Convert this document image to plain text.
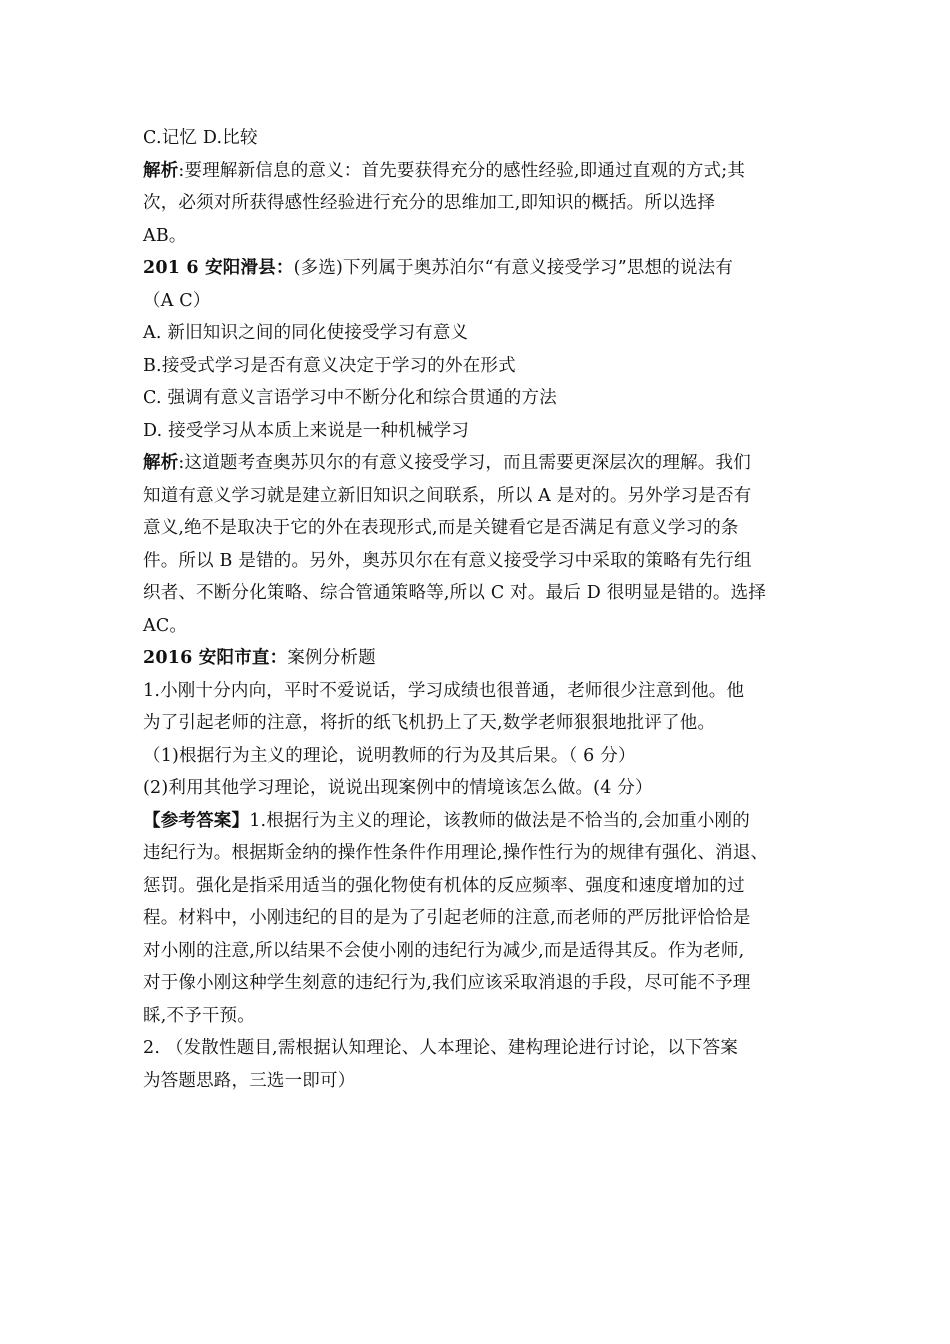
C.记忆 D.比较
解析:要理解新信息的意义：首先要获得充分的感性经验,即通过直观的方式;其
次，必须对所获得感性经验进行充分的思维加工,即知识的概括。所以选择
AB。
201 6 安阳滑县：(多选)下列属于奥苏泊尔“有意义接受学习”思想的说法有
（A C）
A. 新旧知识之间的同化使接受学习有意义
B.接受式学习是否有意义决定于学习的外在形式
C. 强调有意义言语学习中不断分化和综合贯通的方法
D. 接受学习从本质上来说是一种机械学习
解析:这道题考查奥苏贝尔的有意义接受学习，而且需要更深层次的理解。我们
知道有意义学习就是建立新旧知识之间联系，所以 A 是对的。另外学习是否有
意义,绝不是取决于它的外在表现形式,而是关键看它是否满足有意义学习的条
件。所以 B 是错的。另外，奥苏贝尔在有意义接受学习中采取的策略有先行组
织者、不断分化策略、综合管通策略等,所以 C 对。最后 D 很明显是错的。选择
AC。
2016 安阳市直：案例分析题
1.小刚十分内向，平时不爱说话，学习成绩也很普通，老师很少注意到他。他
为了引起老师的注意，将折的纸飞机扔上了天,数学老师狠狠地批评了他。
（1)根据行为主义的理论，说明教师的行为及其后果。（ 6 分）
(2)利用其他学习理论，说说出现案例中的情境该怎么做。(4 分）
【参考答案】1.根据行为主义的理论，该教师的做法是不恰当的,会加重小刚的
违纪行为。根据斯金纳的操作性条件作用理论,操作性行为的规律有强化、消退、
惩罚。强化是指采用适当的强化物使有机体的反应频率、强度和速度增加的过
程。材料中，小刚违纪的目的是为了引起老师的注意,而老师的严厉批评恰恰是
对小刚的注意,所以结果不会使小刚的违纪行为减少,而是适得其反。作为老师,
对于像小刚这种学生刻意的违纪行为,我们应该采取消退的手段，尽可能不予理
睬,不予干预。
2. （发散性题目,需根据认知理论、人本理论、建构理论进行讨论，以下答案
为答题思路，三选一即可）
